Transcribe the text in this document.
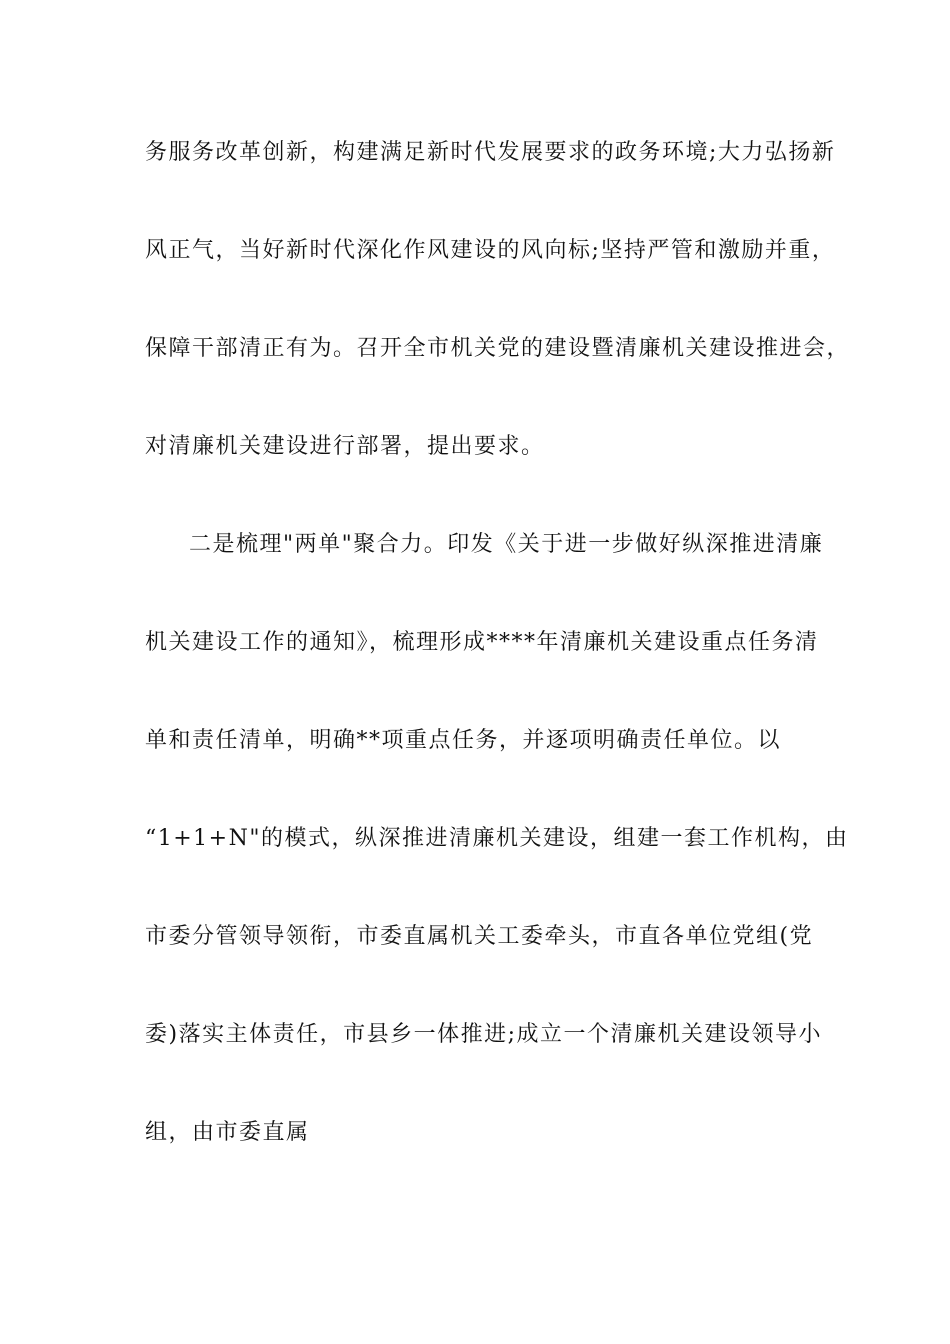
务服务改革创新，构建满足新时代发展要求的政务环境;大力弘扬新
风正气，当好新时代深化作风建设的风向标;坚持严管和激励并重，
保障干部清正有为。召开全市机关党的建设暨清廉机关建设推进会，
对清廉机关建设进行部署，提出要求。
二是梳理"两单"聚合力。印发《关于进一步做好纵深推进清廉
机关建设工作的通知》，梳理形成****年清廉机关建设重点任务清
单和责任清单，明确**项重点任务，并逐项明确责任单位。以
“1+1+N"的模式，纵深推进清廉机关建设，组建一套工作机构，由
市委分管领导领衔，市委直属机关工委牵头，市直各单位党组(党
委)落实主体责任，市县乡一体推进;成立一个清廉机关建设领导小
组，由市委直属
